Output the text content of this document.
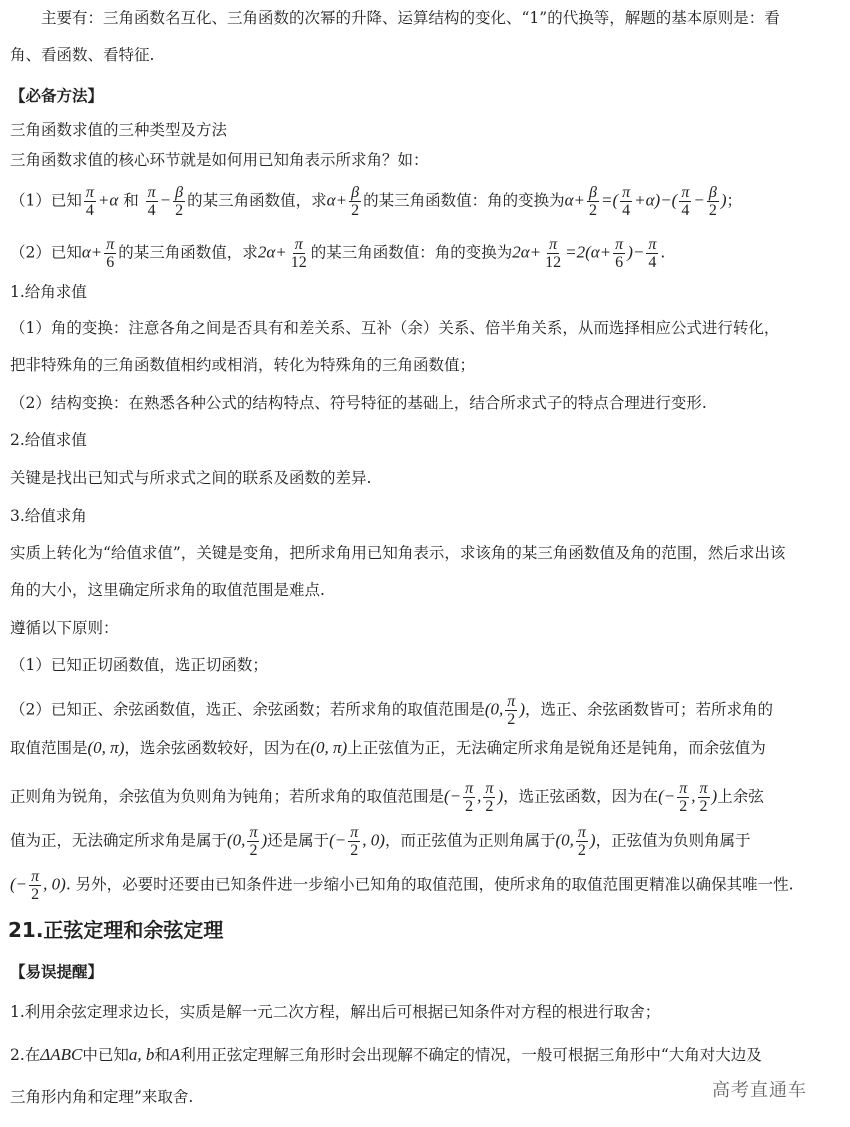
　　主要有：三角函数名互化、三角函数的次幂的升降、运算结构的变化、“1”的代换等，解题的基本原则是：看
角、看函数、看特征.
【必备方法】
三角函数求值的三种类型及方法
三角函数求值的核心环节就是如何用已知角表示所求角？如：
（1）已知 $\frac{\pi}{4} +\alpha$ 和 $\frac{\pi}{4} - \frac{\beta}{2}$ 的某三角函数值，求$\alpha+ \frac{\beta}{2}$ 的某三角函数值：角的变换为$\alpha+ \frac{\beta}{2}$ =( $\frac{\pi}{4} +\alpha)-( \frac{\pi}{4} - \frac{\beta}{2}$ )；
（2）已知$\alpha+ \frac{\pi}{6}$ 的某三角函数值，求$2\alpha+ \frac{\pi}{12}$ 的某三角函数值：角的变换为$2\alpha+ \frac{\pi}{12} =2(\alpha+ \frac{\pi}{6}$ )− $\frac{\pi}{4}$ .
1.给角求值
（1）角的变换：注意各角之间是否具有和差关系、互补（余）关系、倍半角关系，从而选择相应公式进行转化，
把非特殊角的三角函数值相约或相消，转化为特殊角的三角函数值；
（2）结构变换：在熟悉各种公式的结构特点、符号特征的基础上，结合所求式子的特点合理进行变形.
2.给值求值
关键是找出已知式与所求式之间的联系及函数的差异.
3.给值求角
实质上转化为“给值求值”，关键是变角，把所求角用已知角表示，求该角的某三角函数值及角的范围，然后求出该
角的大小，这里确定所求角的取值范围是难点.
遵循以下原则：
（1）已知正切函数值，选正切函数；
（2）已知正、余弦函数值，选正、余弦函数；若所求角的取值范围是(0, $\frac{\pi}{2}$ )，选正、余弦函数皆可；若所求角的
取值范围是(0, π)，选余弦函数较好，因为在(0, π)上正弦值为正，无法确定所求角是锐角还是钝角，而余弦值为
正则角为锐角，余弦值为负则角为钝角；若所求角的取值范围是(− $\frac{\pi}{2}$ , $\frac{\pi}{2}$ )，选正弦函数，因为在(− $\frac{\pi}{2}$ , $\frac{\pi}{2}$ )上余弦
值为正，无法确定所求角是属于(0, $\frac{\pi}{2}$ )还是属于(− $\frac{\pi}{2}$ , 0)，而正弦值为正则角属于(0, $\frac{\pi}{2}$ )，正弦值为负则角属于
(− $\frac{\pi}{2}$ , 0). 另外，必要时还要由已知条件进一步缩小已知角的取值范围，使所求角的取值范围更精准以确保其唯一性.
21.正弦定理和余弦定理
【易误提醒】
1.利用余弦定理求边长，实质是解一元二次方程，解出后可根据已知条件对方程的根进行取舍；
2.在ΔABC中已知a, b和A利用正弦定理解三角形时会出现解不确定的情况，一般可根据三角形中“大角对大边及
三角形内角和定理”来取舍.	高考直通车
